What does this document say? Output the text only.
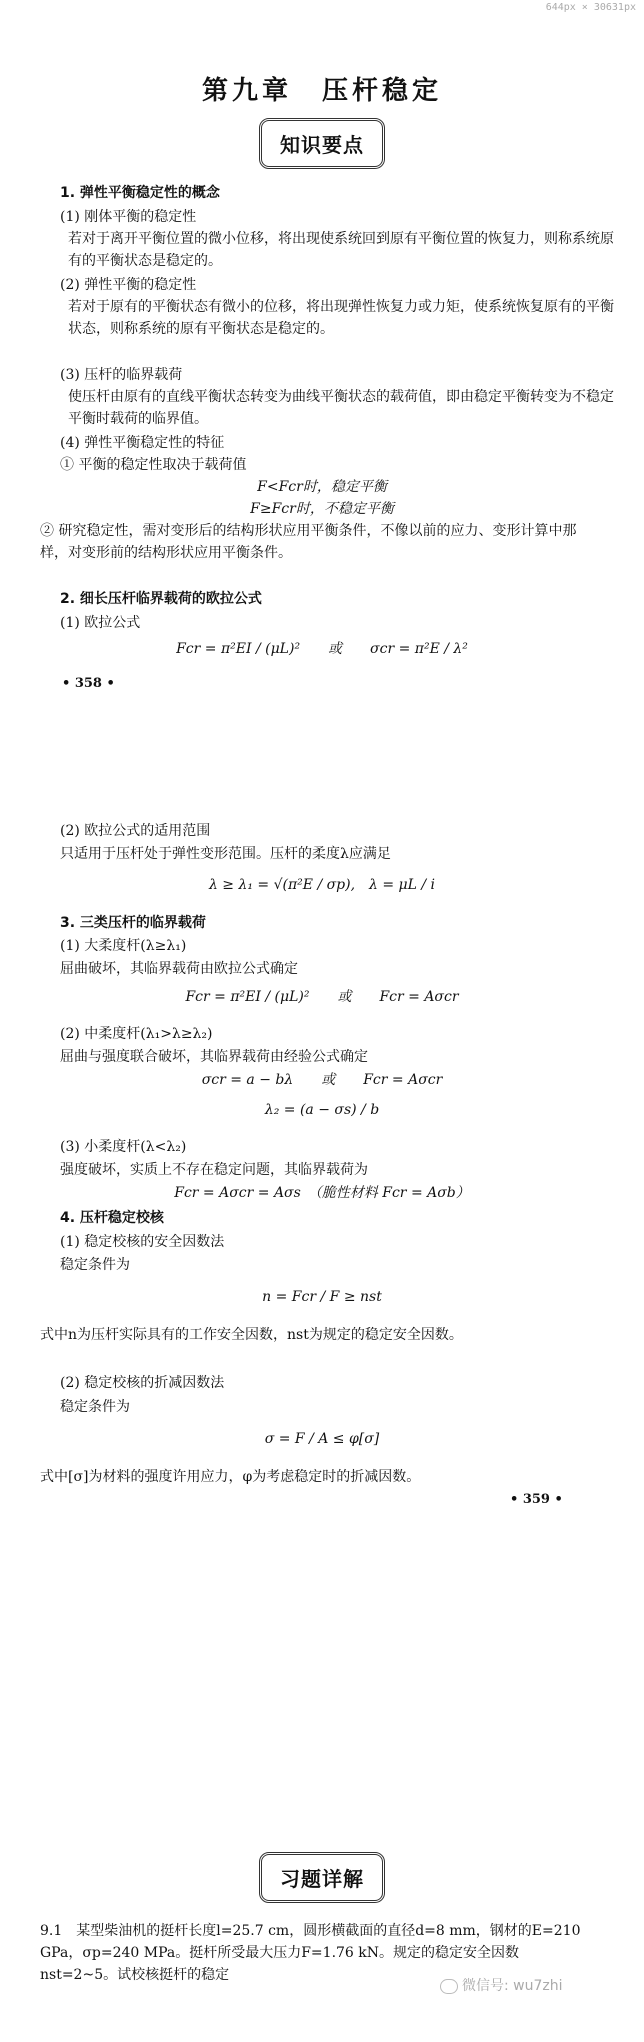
644px × 30631px
第九章　压杆稳定
知识要点
1. 弹性平衡稳定性的概念
(1) 刚体平衡的稳定性
若对于离开平衡位置的微小位移，将出现使系统回到原有平衡位置的恢复力，则称系统原有的平衡状态是稳定的。
(2) 弹性平衡的稳定性
若对于原有的平衡状态有微小的位移，将出现弹性恢复力或力矩，使系统恢复原有的平衡状态，则称系统的原有平衡状态是稳定的。
(3) 压杆的临界载荷
使压杆由原有的直线平衡状态转变为曲线平衡状态的载荷值，即由稳定平衡转变为不稳定平衡时载荷的临界值。
(4) 弹性平衡稳定性的特征
① 平衡的稳定性取决于载荷值
F<Fcr时，稳定平衡
F≥Fcr时，不稳定平衡
② 研究稳定性，需对变形后的结构形状应用平衡条件，不像以前的应力、变形计算中那样，对变形前的结构形状应用平衡条件。
2. 细长压杆临界载荷的欧拉公式
(1) 欧拉公式
Fcr = π²EI / (μL)²　　或　　σcr = π²E / λ²
• 358 •
(2) 欧拉公式的适用范围
只适用于压杆处于弹性变形范围。压杆的柔度λ应满足
λ ≥ λ₁ = √(π²E / σp),　λ = μL / i
3. 三类压杆的临界载荷
(1) 大柔度杆(λ≥λ₁)
屈曲破坏，其临界载荷由欧拉公式确定
Fcr = π²EI / (μL)²　　或　　Fcr = Aσcr
(2) 中柔度杆(λ₁>λ≥λ₂)
屈曲与强度联合破坏，其临界载荷由经验公式确定
σcr = a − bλ　　或　　Fcr = Aσcr
λ₂ = (a − σs) / b
(3) 小柔度杆(λ<λ₂)
强度破坏，实质上不存在稳定问题，其临界载荷为
Fcr = Aσcr = Aσs　（脆性材料 Fcr = Aσb）
4. 压杆稳定校核
(1) 稳定校核的安全因数法
稳定条件为
n = Fcr / F ≥ nst
式中n为压杆实际具有的工作安全因数，nst为规定的稳定安全因数。
(2) 稳定校核的折减因数法
稳定条件为
σ = F / A ≤ φ[σ]
式中[σ]为材料的强度许用应力，φ为考虑稳定时的折减因数。
• 359 •
习题详解
9.1　某型柴油机的挺杆长度l=25.7 cm，圆形横截面的直径d=8 mm，钢材的E=210 GPa，σp=240 MPa。挺杆所受最大压力F=1.76 kN。规定的稳定安全因数nst=2~5。试校核挺杆的稳定
微信号: wu7zhi
